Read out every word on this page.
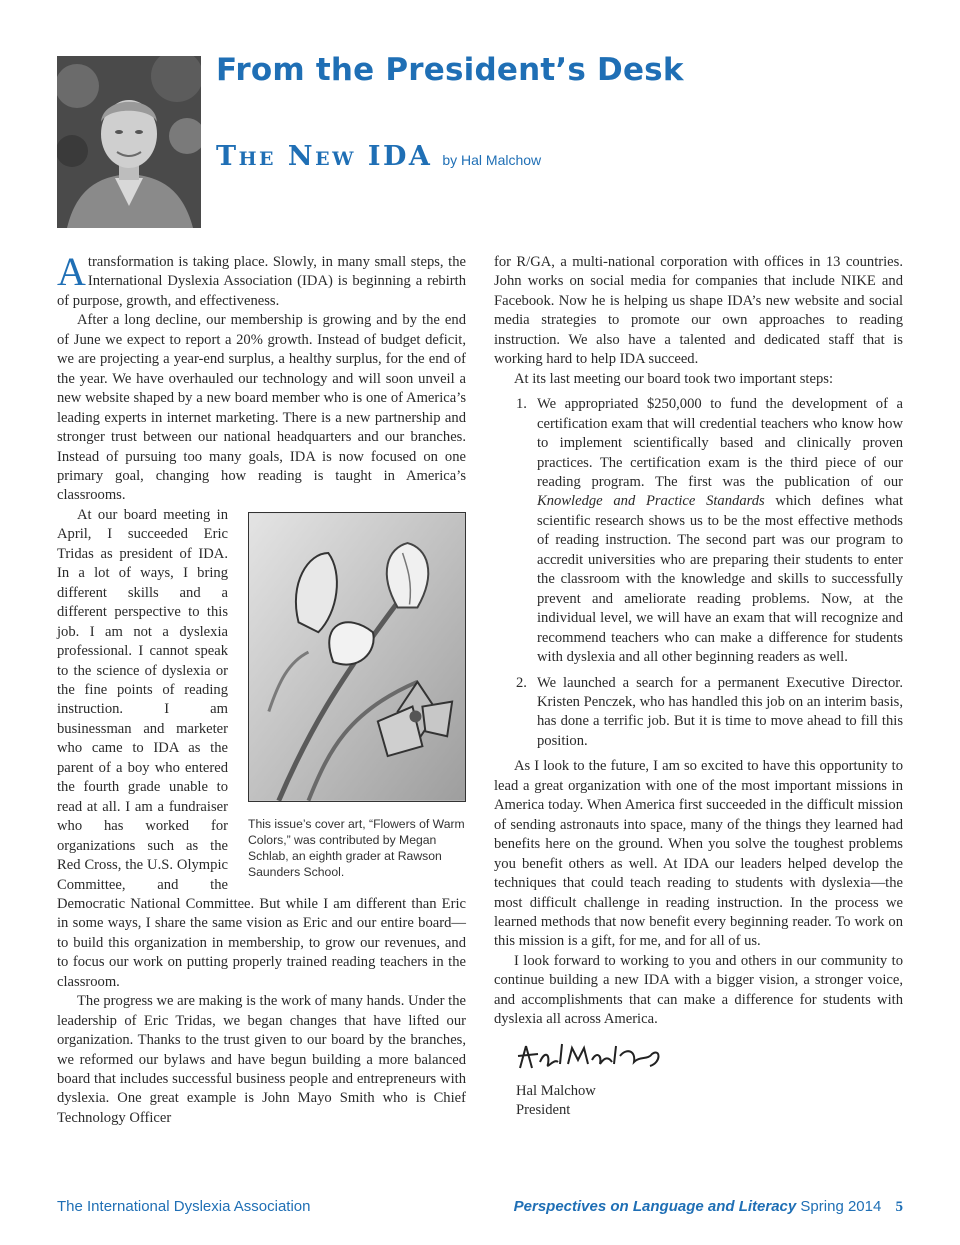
From the President’s Desk
The New IDA by Hal Malchow

Atransformation is taking place. Slowly, in many small steps, the International Dyslexia Association (IDA) is beginning a rebirth of purpose, growth, and effectiveness.

After a long decline, our membership is growing and by the end of June we expect to report a 20% growth. Instead of budget deficit, we are projecting a year-end surplus, a healthy surplus, for the end of the year. We have overhauled our technology and will soon unveil a new website shaped by a new board member who is one of America’s leading experts in internet marketing. There is a new partnership and stronger trust between our national headquarters and our branches. Instead of pursuing too many goals, IDA is now focused on one primary goal, changing how reading is taught in America’s classrooms.

This issue’s cover art, “Flowers of Warm Colors,” was contributed by Megan Schlab, an eighth grader at Rawson Saunders School.

At our board meeting in April, I succeeded Eric Tridas as president of IDA. In a lot of ways, I bring different skills and a different perspective to this job. I am not a dyslexia professional. I cannot speak to the science of dyslexia or the fine points of reading instruction. I am businessman and marketer who came to IDA as the parent of a boy who entered the fourth grade unable to read at all. I am a fundraiser who has worked for organizations such as the Red Cross, the U.S. Olympic Committee, and the Democratic National Committee. But while I am different than Eric in some ways, I share the same vision as Eric and our entire board—to build this organization in membership, to grow our revenues, and to focus our work on putting properly trained reading teachers in the classroom.

The progress we are making is the work of many hands. Under the leadership of Eric Tridas, we began changes that have lifted our organization. Thanks to the trust given to our board by the branches, we reformed our bylaws and have begun building a more balanced board that includes successful business people and entrepreneurs with dyslexia. One great example is John Mayo Smith who is Chief Technology Officer

for R/GA, a multi-national corporation with offices in 13 countries. John works on social media for companies that include NIKE and Facebook. Now he is helping us shape IDA’s new website and social media strategies to promote our own approaches to reading instruction. We also have a talented and dedicated staff that is working hard to help IDA succeed.

At its last meeting our board took two important steps:

1. We appropriated $250,000 to fund the development of a certification exam that will credential teachers who know how to implement scientifically based and clinically proven practices. The certification exam is the third piece of our reading program. The first was the publication of our Knowledge and Practice Standards which defines what scientific research shows us to be the most effective methods of reading instruction. The second part was our program to accredit universities who are preparing their students to enter the classroom with the knowledge and skills to successfully prevent and ameliorate reading problems. Now, at the individual level, we will have an exam that will recognize and recommend teachers who can make a difference for students with dyslexia and all other beginning readers as well.
2. We launched a search for a permanent Executive Director. Kristen Penczek, who has handled this job on an interim basis, has done a terrific job. But it is time to move ahead to fill this position.

As I look to the future, I am so excited to have this opportunity to lead a great organization with one of the most important missions in America today. When America first succeeded in the difficult mission of sending astronauts into space, many of the things they learned had benefits here on the ground. When you solve the toughest problems you benefit others as well. At IDA our leaders helped develop the techniques that could teach reading to students with dyslexia—the most difficult challenge in reading instruction. In the process we learned methods that now benefit every beginning reader. To work on this mission is a gift, for me, and for all of us.

I look forward to working to you and others in our community to continue building a new IDA with a bigger vision, a stronger voice, and accomplishments that can make a difference for students with dyslexia all across America.

Hal Malchow
President
The International Dyslexia Association	Perspectives on Language and Literacy Spring 2014 5
